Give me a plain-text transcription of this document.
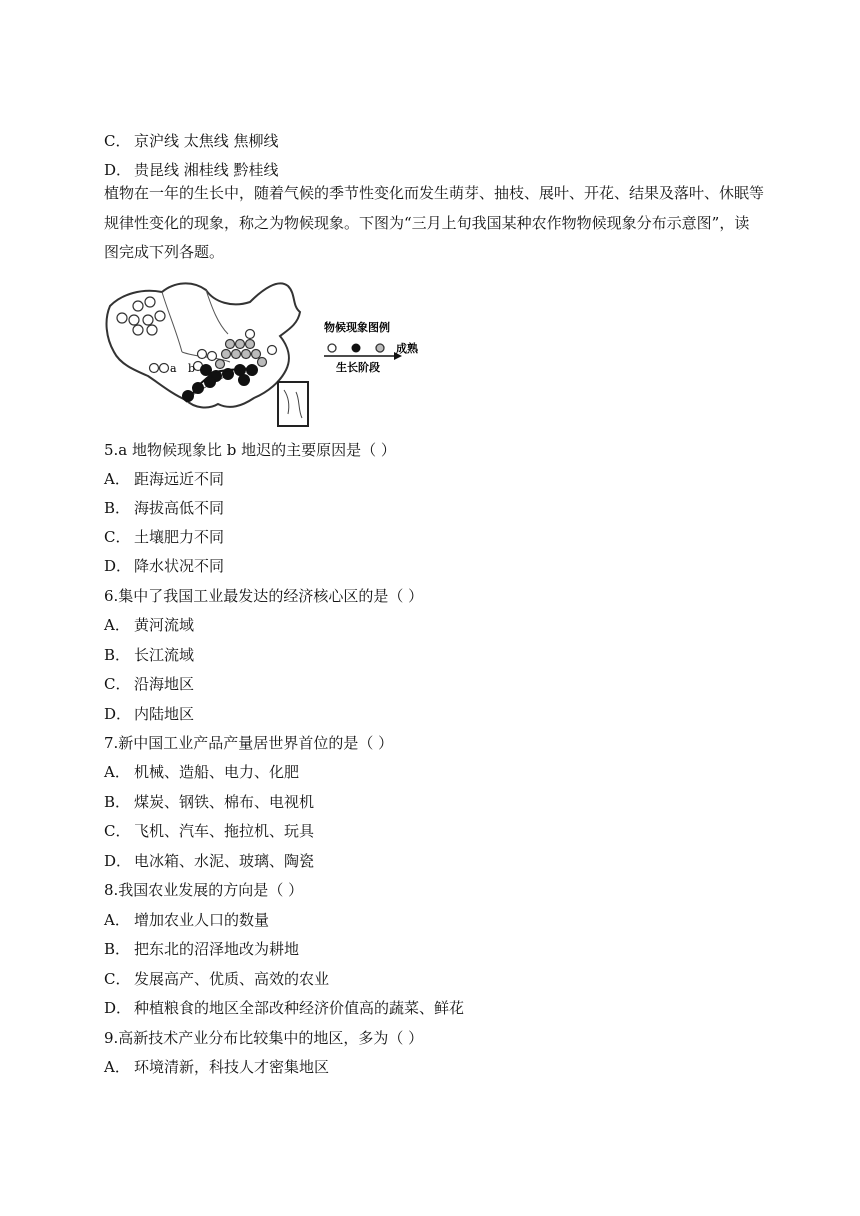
C． 京沪线 太焦线 焦柳线
D． 贵昆线 湘桂线 黔桂线
植物在一年的生长中，随着气候的季节性变化而发生萌芽、抽枝、展叶、开花、结果及落叶、休眠等规律性变化的现象，称之为物候现象。下图为“三月上旬我国某种农作物物候现象分布示意图”，读图完成下列各题。
a b
物候现象图例
成熟
生长阶段
5.a 地物候现象比 b 地迟的主要原因是（ ）
A． 距海远近不同
B． 海拔高低不同
C． 土壤肥力不同
D． 降水状况不同
6.集中了我国工业最发达的经济核心区的是（ ）
A． 黄河流域
B． 长江流域
C． 沿海地区
D． 内陆地区
7.新中国工业产品产量居世界首位的是（ ）
A． 机械、造船、电力、化肥
B． 煤炭、钢铁、棉布、电视机
C． 飞机、汽车、拖拉机、玩具
D． 电冰箱、水泥、玻璃、陶瓷
8.我国农业发展的方向是（ ）
A． 增加农业人口的数量
B． 把东北的沼泽地改为耕地
C． 发展高产、优质、高效的农业
D． 种植粮食的地区全部改种经济价值高的蔬菜、鲜花
9.高新技术产业分布比较集中的地区，多为（ ）
A． 环境清新，科技人才密集地区
